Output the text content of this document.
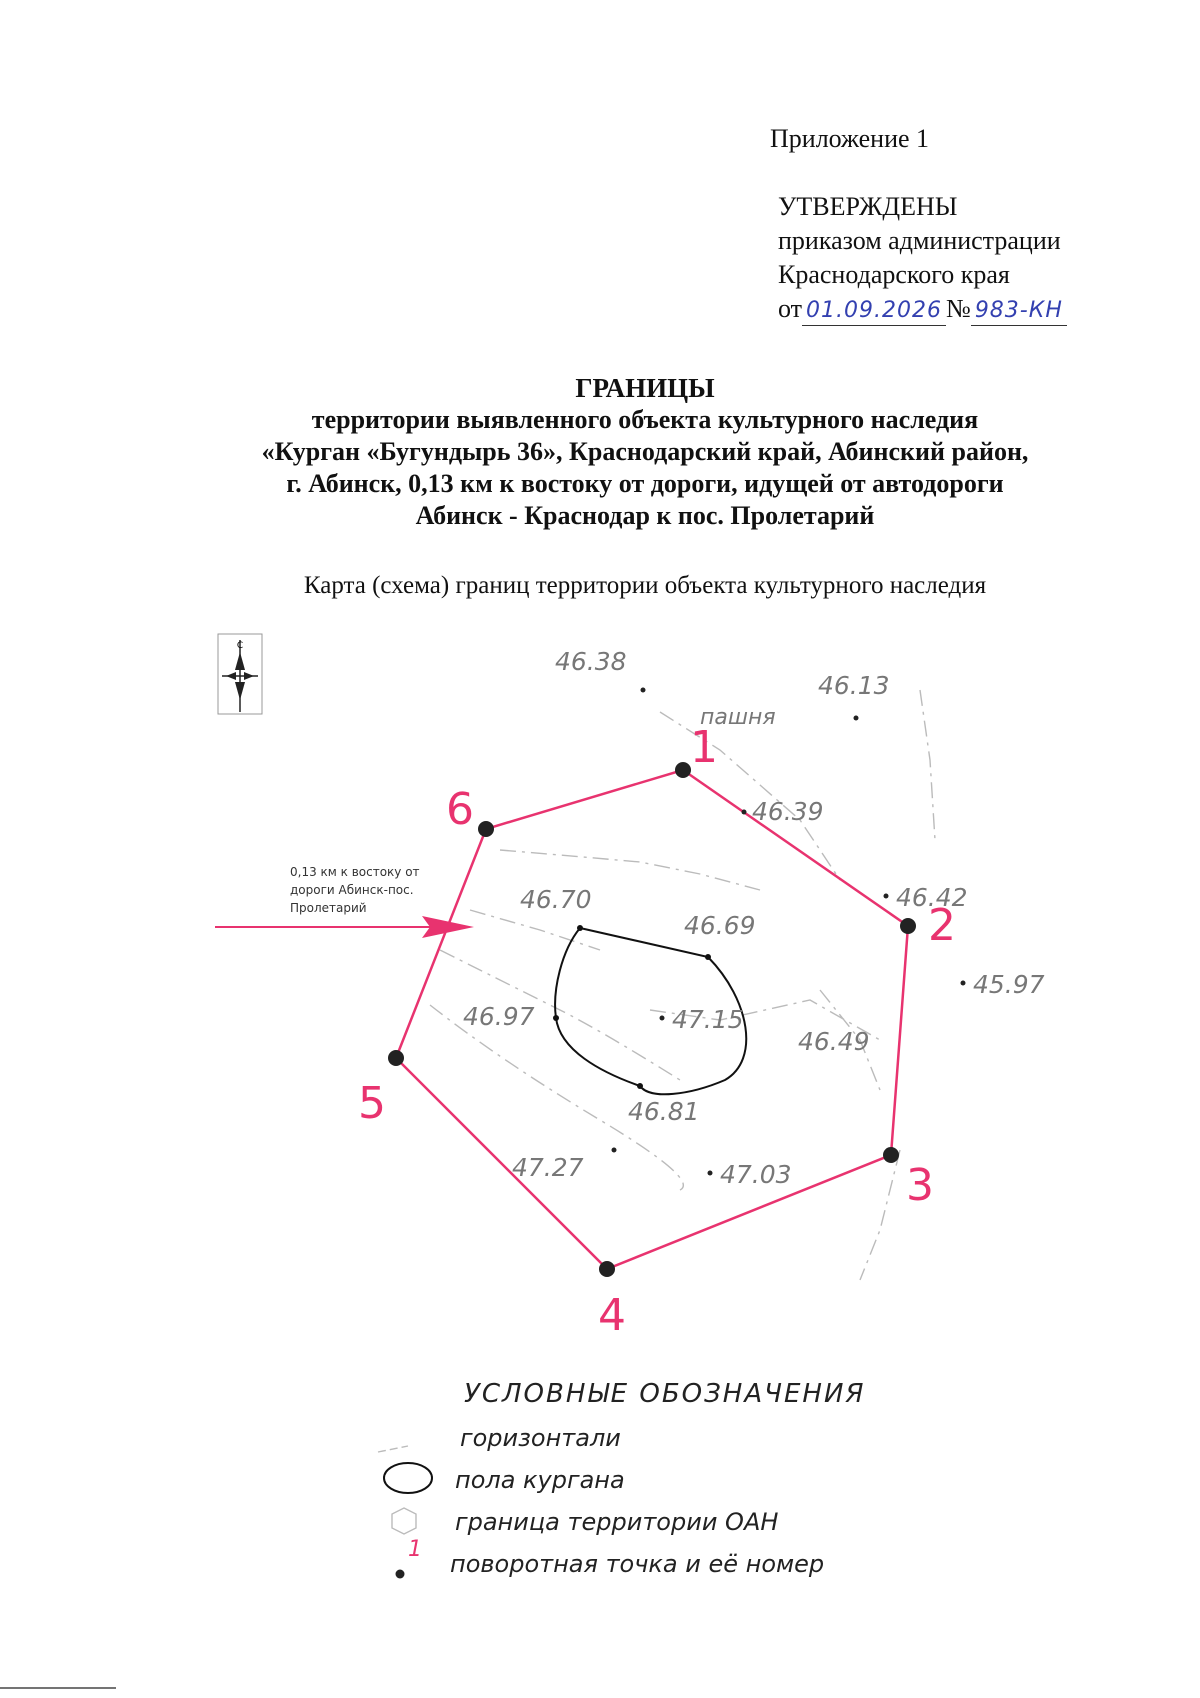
Приложение 1
УТВЕРЖДЕНЫ
приказом администрации
Краснодарского края
от 01.09.2026 № 983-КН
ГРАНИЦЫ
территории выявленного объекта культурного наследия
«Курган «Бугундырь 36», Краснодарский край, Абинский район,
г. Абинск, 0,13 км к востоку от дороги, идущей от автодороги
Абинск - Краснодар к пос. Пролетарий
Карта (схема) границ территории объекта культурного наследия
С
0,13 км к востоку от
дороги Абинск-пос.
Пролетарий
пашня
46.38
46.13
46.39
46.42
45.97
46.70
46.69
46.97	47.15
46.49
46.81
47.27	47.03
1
2
3
4
5
6
УСЛОВНЫЕ ОБОЗНАЧЕНИЯ
горизонтали
пола кургана
граница территории ОАН
1
поворотная точка и её номер
